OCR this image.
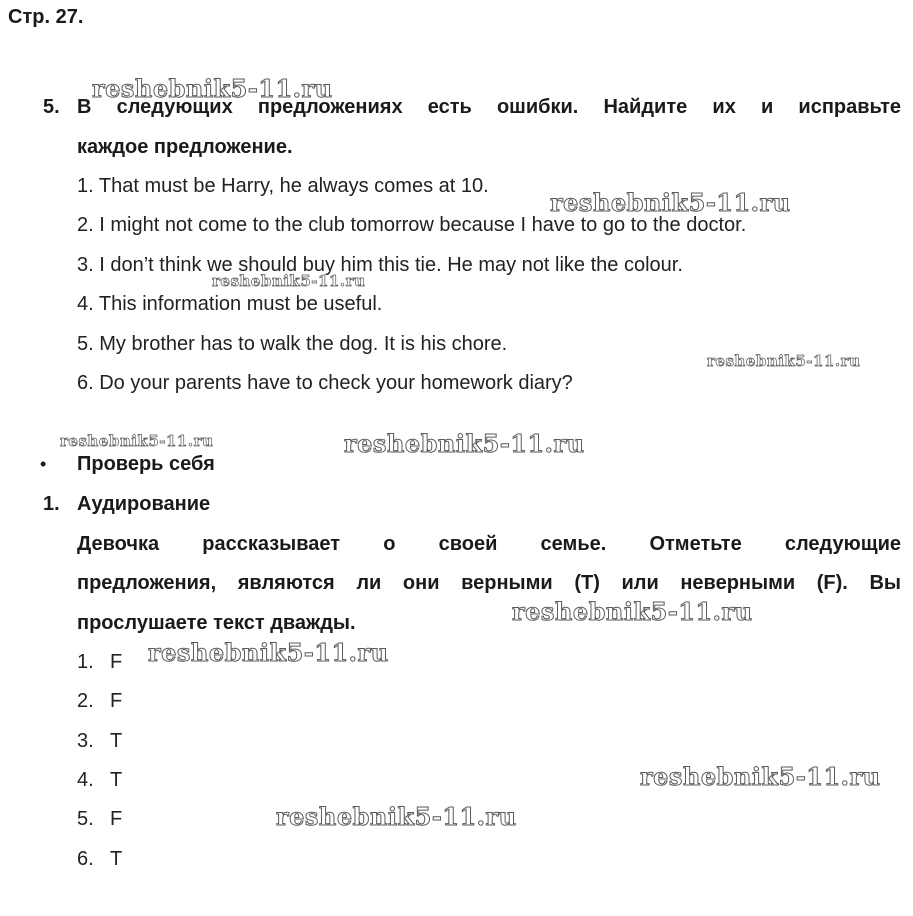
Стр. 27.
5. В следующих предложениях есть ошибки. Найдите их и исправьте
каждое предложение.
1. That must be Harry, he always comes at 10.
2. I might not come to the club tomorrow because I have to go to the doctor.
3. I don’t think we should buy him this tie. He may not like the colour.
4. This information must be useful.
5. My brother has to walk the dog. It is his chore.
6. Do your parents have to check your homework diary?
• Проверь себя
1. Аудирование
Девочка рассказывает о своей семье. Отметьте следующие
предложения, являются ли они верными (T) или неверными (F). Вы
прослушаете текст дважды.
1. F
2. F
3. T
4. T
5. F
6. T
reshebnik5-11.ru
reshebnik5-11.ru
reshebnik5-11.ru
reshebnik5-11.ru
reshebnik5-11.ru	reshebnik5-11.ru
reshebnik5-11.ru
reshebnik5-11.ru
reshebnik5-11.ru
reshebnik5-11.ru
